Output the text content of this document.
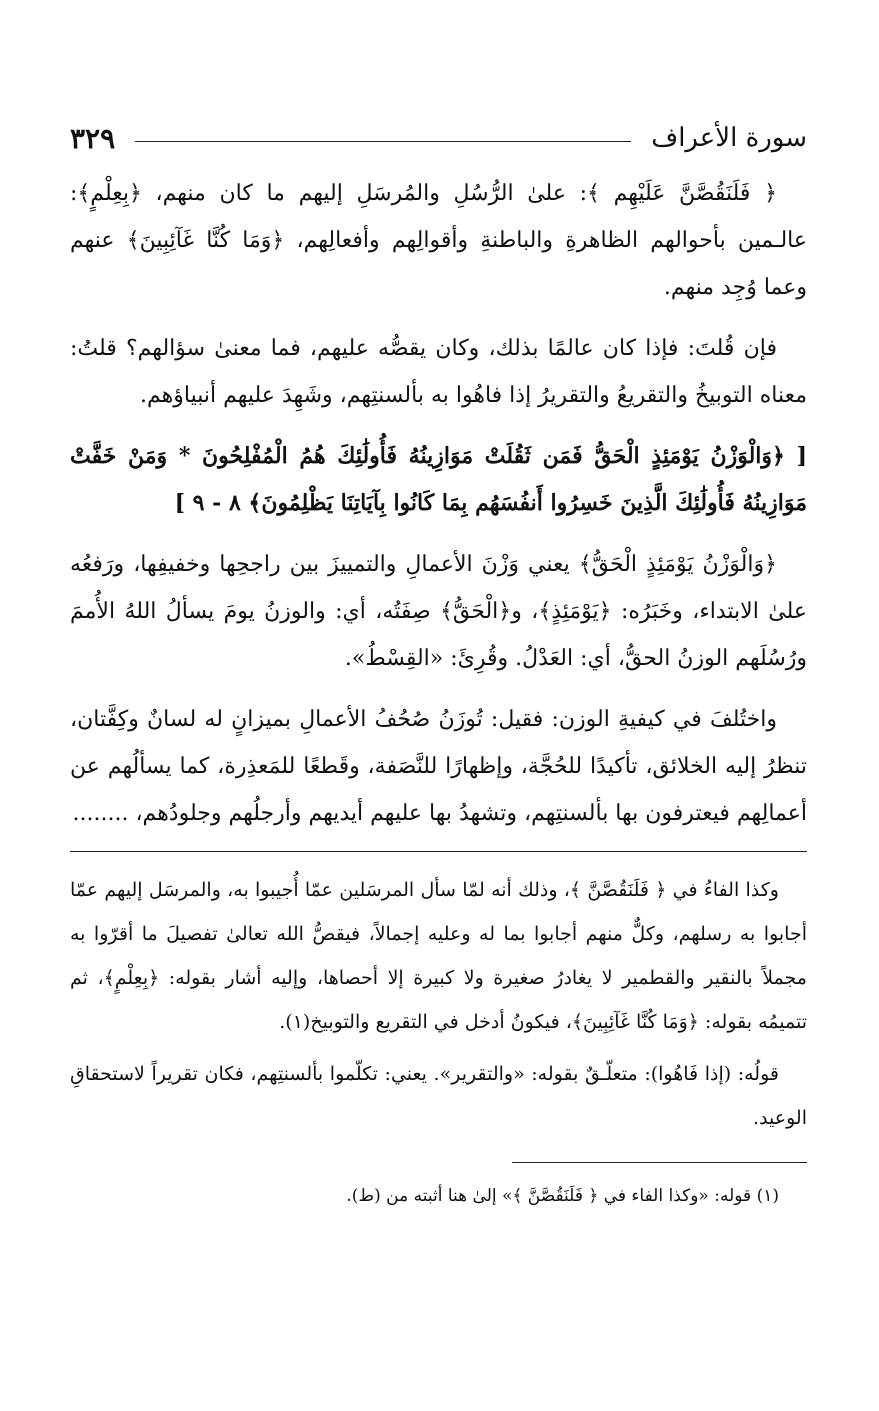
سورة الأعراف
٣٢٩

﴿ فَلَنَقُصَّنَّ عَلَيْهِم ﴾: علىٰ الرُّسُلِ والمُرسَلِ إليهم ما كان منهم، ﴿بِعِلْمٍ﴾: عالـمين بأحوالهم الظاهرةِ والباطنةِ وأقوالِهم وأفعالِهم، ﴿وَمَا كُنَّا غَآئِبِينَ﴾ عنهم وعما وُجِد منهم.

فإن قُلتَ: فإذا كان عالمًا بذلك، وكان يقصُّه عليهم، فما معنىٰ سؤالهم؟ قلتُ: معناه التوبيخُ والتقريعُ والتقريرُ إذا فاهُوا به بألسنتِهم، وشَهِدَ عليهم أنبياؤهم.

[ ﴿وَالْوَزْنُ يَوْمَئِذٍ الْحَقُّ فَمَن ثَقُلَتْ مَوَازِينُهُ فَأُولَٰئِكَ هُمُ الْمُفْلِحُونَ * وَمَنْ خَفَّتْ مَوَازِينُهُ فَأُولَٰئِكَ الَّذِينَ خَسِرُوا أَنفُسَهُم بِمَا كَانُوا بِآيَاتِنَا يَظْلِمُونَ﴾ ٨ - ٩ ]

﴿وَالْوَزْنُ يَوْمَئِذٍ الْحَقُّ﴾ يعني وَزْنَ الأعمالِ والتمييزَ بين راجحِها وخفيفِها، ورَفعُه علىٰ الابتداء، وخَبَرُه: ﴿يَوْمَئِذٍ﴾، و﴿الْحَقُّ﴾ صِفَتُه، أي: والوزنُ يومَ يسألُ اللهُ الأُممَ ورُسُلَهم الوزنُ الحقُّ، أي: العَدْلُ. وقُرِئَ: «القِسْطُ».

واختُلفَ في كيفيةِ الوزن: فقيل: تُوزَنُ صُحُفُ الأعمالِ بميزانٍ له لسانٌ وكِفَّتان، تنظرُ إليه الخلائق، تأكيدًا للحُجَّة، وإظهارًا للنَّصَفة، وقَطعًا للمَعذِرة، كما يسألُهم عن أعمالِهم فيعترفون بها بألسنتِهم، وتشهدُ بها عليهم أيديهم وأرجلُهم وجلودُهم، ........

وكذا الفاءُ في ﴿ فَلَنَقُصَّنَّ ﴾، وذلك أنه لمّا سأل المرسَلين عمّا أُجيبوا به، والمرسَل إليهم عمّا أجابوا به رسلهم، وكلٌّ منهم أجابوا بما له وعليه إجمالاً، فيقصُّ الله تعالىٰ تفصيلَ ما أقرّوا به مجملاً بالنقير والقطمير لا يغادرُ صغيرة ولا كبيرة إلا أحصاها، وإليه أشار بقوله: ﴿بِعِلْمٍ﴾، ثم تتميمُه بقوله: ﴿وَمَا كُنَّا غَآئِبِينَ﴾، فيكونُ أدخل في التقريع والتوبيخ(١).

قولُه: (إذا فَاهُوا): متعلّـقٌ بقوله: «والتقرير». يعني: تكلّموا بألسنتِهم، فكان تقريراً لاستحقاقِ الوعيد.

(١) قوله: «وكذا الفاء في ﴿ فَلَنَقُصَّنَّ ﴾» إلىٰ هنا أثبته من (ط).
